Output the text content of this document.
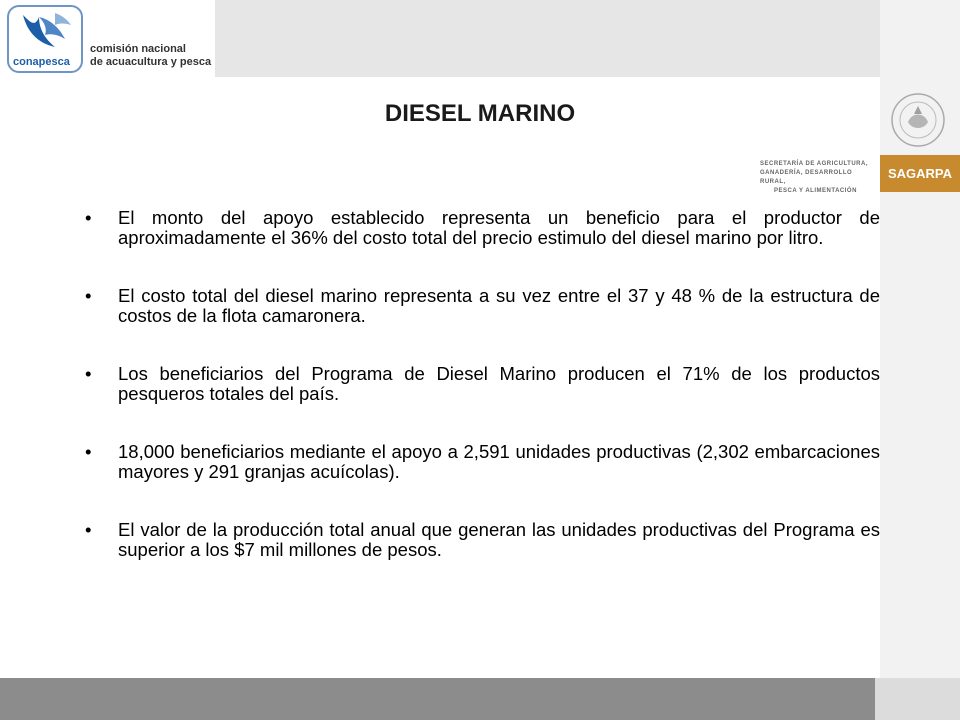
conapesca
comisión nacional
de acuacultura y pesca
DIESEL MARINO
SECRETARÍA DE AGRICULTURA,
GANADERÍA, DESARROLLO RURAL,
PESCA Y ALIMENTACIÓN
SAGARPA
• El monto del apoyo establecido representa un beneficio para el productor de aproximadamente el 36% del costo total del precio estimulo del diesel marino por litro.
• El costo total del diesel marino representa a su vez entre el 37 y 48 % de la estructura de costos de la flota camaronera.
• Los beneficiarios del Programa de Diesel Marino producen el 71% de los productos pesqueros totales del país.
• 18,000 beneficiarios mediante el apoyo a 2,591 unidades productivas (2,302 embarcaciones mayores y 291 granjas acuícolas).
• El valor de la producción total anual que generan las unidades productivas del Programa es superior a los $7 mil millones de pesos.
